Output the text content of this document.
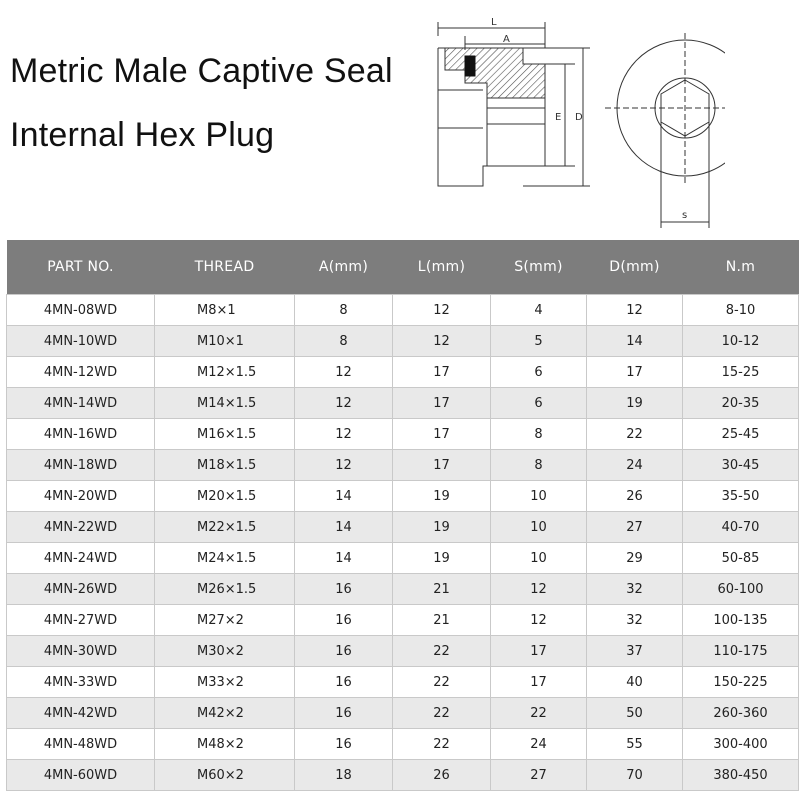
Metric Male Captive Seal
Internal Hex Plug
L
A
E D
s
PART NO.	THREAD	A(mm)	L(mm)	S(mm)	D(mm)	N.m
4MN-08WD	M8×1	8	12	4	12	8-10
4MN-10WD	M10×1	8	12	5	14	10-12
4MN-12WD	M12×1.5	12	17	6	17	15-25
4MN-14WD	M14×1.5	12	17	6	19	20-35
4MN-16WD	M16×1.5	12	17	8	22	25-45
4MN-18WD	M18×1.5	12	17	8	24	30-45
4MN-20WD	M20×1.5	14	19	10	26	35-50
4MN-22WD	M22×1.5	14	19	10	27	40-70
4MN-24WD	M24×1.5	14	19	10	29	50-85
4MN-26WD	M26×1.5	16	21	12	32	60-100
4MN-27WD	M27×2	16	21	12	32	100-135
4MN-30WD	M30×2	16	22	17	37	110-175
4MN-33WD	M33×2	16	22	17	40	150-225
4MN-42WD	M42×2	16	22	22	50	260-360
4MN-48WD	M48×2	16	22	24	55	300-400
4MN-60WD	M60×2	18	26	27	70	380-450
